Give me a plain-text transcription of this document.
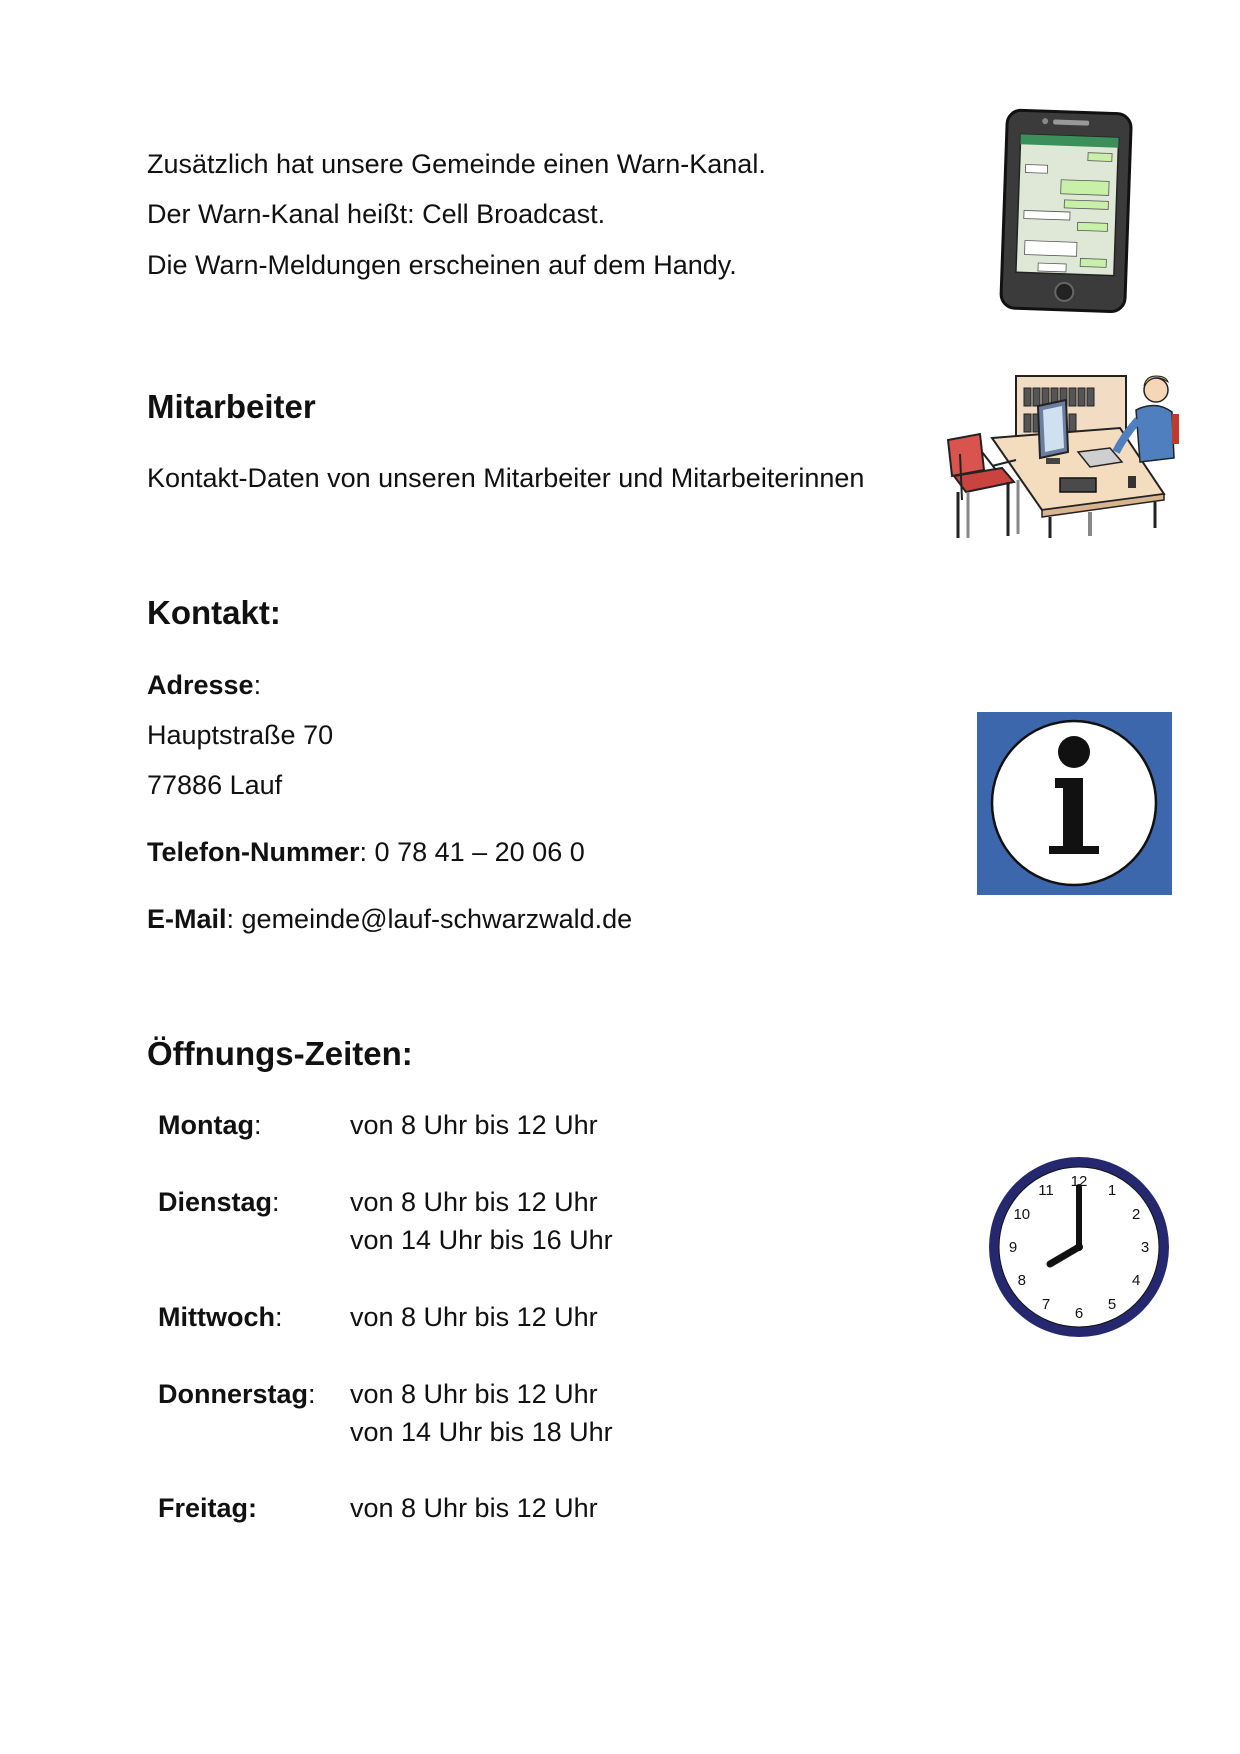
Zusätzlich hat unsere Gemeinde einen Warn-Kanal.
Der Warn-Kanal heißt: Cell Broadcast.
Die Warn-Meldungen erscheinen auf dem Handy.
Mitarbeiter
Kontakt-Daten von unseren Mitarbeiter und Mitarbeiterinnen
Kontakt:
Adresse:
Hauptstraße 70
77886 Lauf
Telefon-Nummer: 0 78 41 – 20 06 0
E-Mail: gemeinde@lauf-schwarzwald.de
Öffnungs-Zeiten:
Montag:	von 8 Uhr bis 12 Uhr
Dienstag:	von 8 Uhr bis 12 Uhr
von 14 Uhr bis 16 Uhr
Mittwoch:	von 8 Uhr bis 12 Uhr
Donnerstag: von 8 Uhr bis 12 Uhr
von 14 Uhr bis 18 Uhr
Freitag:	von 8 Uhr bis 12 Uhr
12
1
2
3
4
5
6
7
8
9
10
11
